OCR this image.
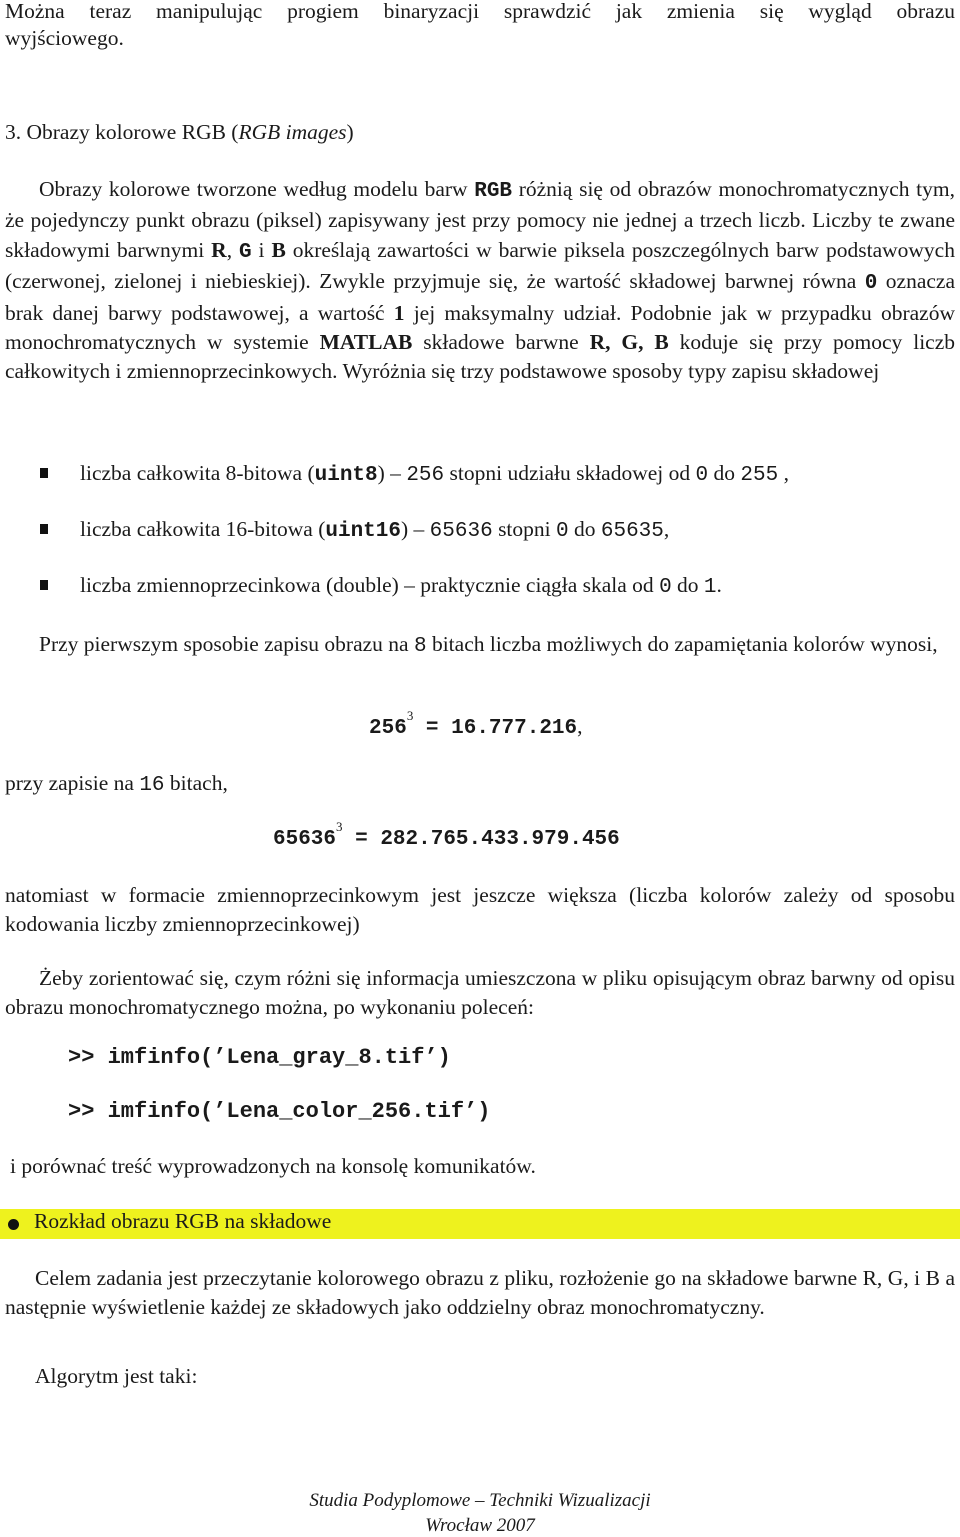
Można teraz manipulując progiem binaryzacji sprawdzić jak zmienia się wygląd obrazu

wyjściowego.

3. Obrazy kolorowe RGB (RGB images)

Obrazy kolorowe tworzone według modelu barw RGB różnią się od obrazów monochromatycznych tym, że pojedynczy punkt obrazu (piksel) zapisywany jest przy pomocy nie jednej a trzech liczb. Liczby te zwane składowymi barwnymi R, G i B określają zawartości w barwie piksela poszczególnych barw podstawowych (czerwonej, zielonej i niebieskiej). Zwykle przyjmuje się, że wartość składowej barwnej równa 0 oznacza brak danej barwy podstawowej, a wartość 1 jej maksymalny udział. Podobnie jak w przypadku obrazów monochromatycznych w systemie MATLAB składowe barwne R, G, B koduje się przy pomocy liczb całkowitych i zmiennoprzecinkowych. Wyróżnia się trzy podstawowe sposoby typy zapisu składowej

liczba całkowita 8-bitowa (uint8) – 256 stopni udziału składowej od 0 do 255 ,

liczba całkowita 16-bitowa (uint16) – 65636 stopni 0 do 65635,

liczba zmiennoprzecinkowa (double) – praktycznie ciągła skala od 0 do 1.

Przy pierwszym sposobie zapisu obrazu na 8 bitach liczba możliwych do zapamiętania kolorów wynosi,

$256^3 = 16.777.216$,

przy zapisie na 16 bitach,

$65636^3 = 282.765.433.979.456$

natomiast w formacie zmiennoprzecinkowym jest jeszcze większa (liczba kolorów zależy od sposobu kodowania liczby zmiennoprzecinkowej)

Żeby zorientować się, czym różni się informacja umieszczona w pliku opisującym obraz barwny od opisu obrazu monochromatycznego można, po wykonaniu poleceń:

>> imfinfo(’Lena_gray_8.tif’)

>> imfinfo(’Lena_color_256.tif’)

i porównać treść wyprowadzonych na konsolę komunikatów.

Rozkład obrazu RGB na składowe

Celem zadania jest przeczytanie kolorowego obrazu z pliku, rozłożenie go na składowe barwne R, G, i B a następnie wyświetlenie każdej ze składowych jako oddzielny obraz monochromatyczny.

Algorytm jest taki:

Studia Podyplomowe – Techniki Wizualizacji

Wrocław 2007
